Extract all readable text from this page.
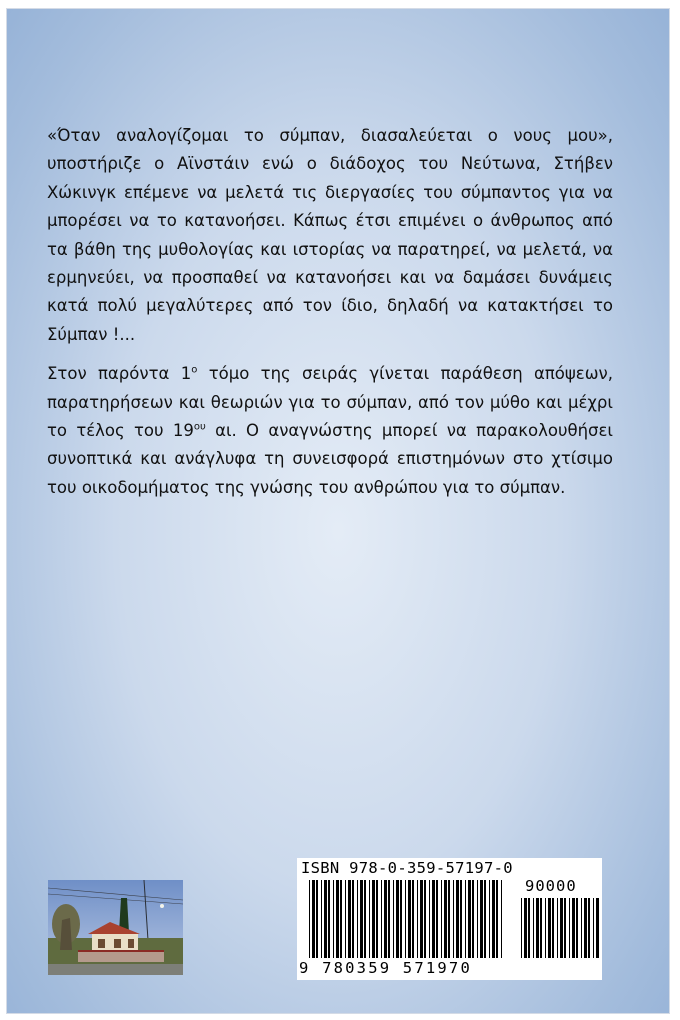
«Όταν αναλογίζομαι το σύμπαν, διασαλεύεται ο νους μου», υποστήριζε ο Αϊνστάιν ενώ ο διάδοχος του Νεύτωνα, Στήβεν Χώκινγκ επέμενε να μελετά τις διεργασίες του σύμπαντος για να μπορέσει να το κατανοήσει. Κάπως έτσι επιμένει ο άνθρωπος από τα βάθη της μυθολογίας και ιστορίας να παρατηρεί, να μελετά, να ερμηνεύει, να προσπαθεί να κατανοήσει και να δαμάσει δυνάμεις κατά πολύ μεγαλύτερες από τον ίδιο, δηλαδή να κατακτήσει το Σύμπαν !...

Στον παρόντα $1^o$ τόμο της σειράς γίνεται παράθεση απόψεων, παρατηρήσεων και θεωριών για το σύμπαν, από τον μύθο και μέχρι το τέλος του $19^{o\upsilon}$ αι. Ο αναγνώστης μπορεί να παρακολουθήσει συνοπτικά και ανάγλυφα τη συνεισφορά επιστημόνων στο χτίσιμο του οικοδομήματος της γνώσης του ανθρώπου για το σύμπαν.

ISBN 978-0-359-57197-0
90000
9 780359 571970
